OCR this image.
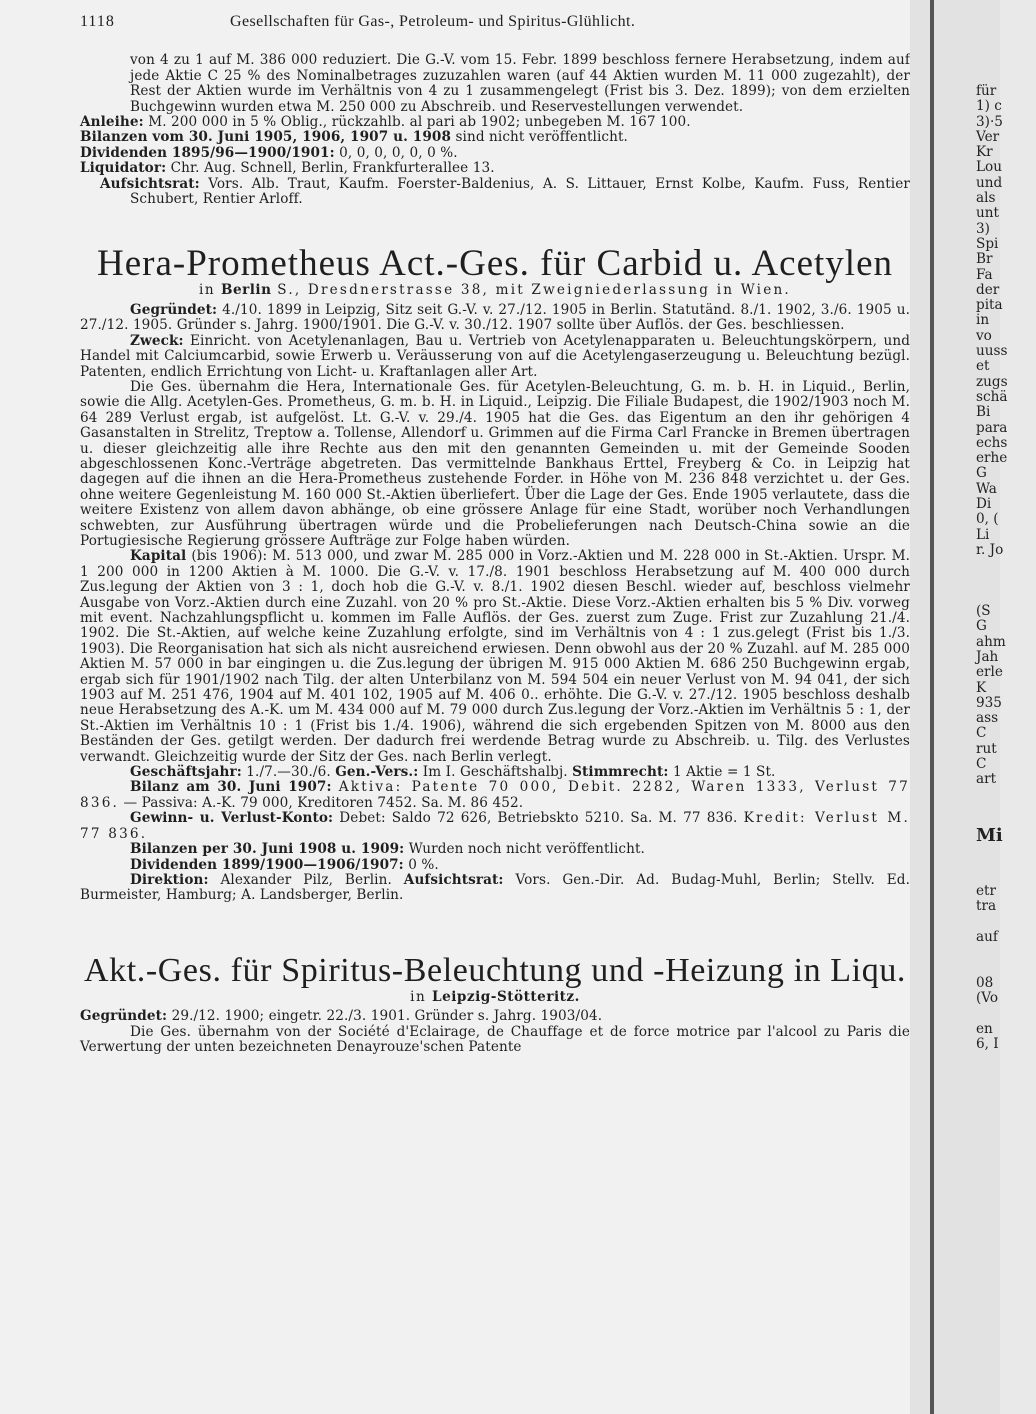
1118	Gesellschaften für Gas-, Petroleum- und Spiritus-Glühlicht.

von 4 zu 1 auf M. 386 000 reduziert. Die G.-V. vom 15. Febr. 1899 beschloss fernere Herabsetzung, indem auf jede Aktie C 25 % des Nominalbetrages zuzuzahlen waren (auf 44 Aktien wurden M. 11 000 zugezahlt), der Rest der Aktien wurde im Verhältnis von 4 zu 1 zusammengelegt (Frist bis 3. Dez. 1899); von dem erzielten Buchgewinn wurden etwa M. 250 000 zu Abschreib. und Reservestellungen verwendet.

Anleihe: M. 200 000 in 5 % Oblig., rückzahlb. al pari ab 1902; unbegeben M. 167 100.

Bilanzen vom 30. Juni 1905, 1906, 1907 u. 1908 sind nicht veröffentlicht.

Dividenden 1895/96—1900/1901: 0, 0, 0, 0, 0, 0 %.

Liquidator: Chr. Aug. Schnell, Berlin, Frankfurterallee 13.

Aufsichtsrat: Vors. Alb. Traut, Kaufm. Foerster-Baldenius, A. S. Littauer, Ernst Kolbe, Kaufm. Fuss, Rentier Schubert, Rentier Arloff.

Hera-Prometheus Act.-Ges. für Carbid u. Acetylen
in Berlin S., Dresdnerstrasse 38, mit Zweigniederlassung in Wien.

Gegründet: 4./10. 1899 in Leipzig, Sitz seit G.-V. v. 27./12. 1905 in Berlin. Statutänd. 8./1. 1902, 3./6. 1905 u. 27./12. 1905. Gründer s. Jahrg. 1900/1901. Die G.-V. v. 30./12. 1907 sollte über Auflös. der Ges. beschliessen.

Zweck: Einricht. von Acetylenanlagen, Bau u. Vertrieb von Acetylenapparaten u. Beleuchtungskörpern, und Handel mit Calciumcarbid, sowie Erwerb u. Veräusserung von auf die Acetylengaserzeugung u. Beleuchtung bezügl. Patenten, endlich Errichtung von Licht- u. Kraftanlagen aller Art.

Die Ges. übernahm die Hera, Internationale Ges. für Acetylen-Beleuchtung, G. m. b. H. in Liquid., Berlin, sowie die Allg. Acetylen-Ges. Prometheus, G. m. b. H. in Liquid., Leipzig. Die Filiale Budapest, die 1902/1903 noch M. 64 289 Verlust ergab, ist aufgelöst. Lt. G.-V. v. 29./4. 1905 hat die Ges. das Eigentum an den ihr gehörigen 4 Gasanstalten in Strelitz, Treptow a. Tollense, Allendorf u. Grimmen auf die Firma Carl Francke in Bremen übertragen u. dieser gleichzeitig alle ihre Rechte aus den mit den genannten Gemeinden u. mit der Gemeinde Sooden abgeschlossenen Konc.-Verträge abgetreten. Das vermittelnde Bankhaus Erttel, Freyberg & Co. in Leipzig hat dagegen auf die ihnen an die Hera-Prometheus zustehende Forder. in Höhe von M. 236 848 verzichtet u. der Ges. ohne weitere Gegenleistung M. 160 000 St.-Aktien überliefert. Über die Lage der Ges. Ende 1905 verlautete, dass die weitere Existenz von allem davon abhänge, ob eine grössere Anlage für eine Stadt, worüber noch Verhandlungen schwebten, zur Ausführung übertragen würde und die Probelieferungen nach Deutsch-China sowie an die Portugiesische Regierung grössere Aufträge zur Folge haben würden.

Kapital (bis 1906): M. 513 000, und zwar M. 285 000 in Vorz.-Aktien und M. 228 000 in St.-Aktien. Urspr. M. 1 200 000 in 1200 Aktien à M. 1000. Die G.-V. v. 17./8. 1901 beschloss Herabsetzung auf M. 400 000 durch Zus.legung der Aktien von 3 : 1, doch hob die G.-V. v. 8./1. 1902 diesen Beschl. wieder auf, beschloss vielmehr Ausgabe von Vorz.-Aktien durch eine Zuzahl. von 20 % pro St.-Aktie. Diese Vorz.-Aktien erhalten bis 5 % Div. vorweg mit event. Nachzahlungspflicht u. kommen im Falle Auflös. der Ges. zuerst zum Zuge. Frist zur Zuzahlung 21./4. 1902. Die St.-Aktien, auf welche keine Zuzahlung erfolgte, sind im Verhältnis von 4 : 1 zus.gelegt (Frist bis 1./3. 1903). Die Reorganisation hat sich als nicht ausreichend erwiesen. Denn obwohl aus der 20 % Zuzahl. auf M. 285 000 Aktien M. 57 000 in bar eingingen u. die Zus.legung der übrigen M. 915 000 Aktien M. 686 250 Buchgewinn ergab, ergab sich für 1901/1902 nach Tilg. der alten Unterbilanz von M. 594 504 ein neuer Verlust von M. 94 041, der sich 1903 auf M. 251 476, 1904 auf M. 401 102, 1905 auf M. 406 0.. erhöhte. Die G.-V. v. 27./12. 1905 beschloss deshalb neue Herabsetzung des A.-K. um M. 434 000 auf M. 79 000 durch Zus.legung der Vorz.-Aktien im Verhältnis 5 : 1, der St.-Aktien im Verhältnis 10 : 1 (Frist bis 1./4. 1906), während die sich ergebenden Spitzen von M. 8000 aus den Beständen der Ges. getilgt werden. Der dadurch frei werdende Betrag wurde zu Abschreib. u. Tilg. des Verlustes verwandt. Gleichzeitig wurde der Sitz der Ges. nach Berlin verlegt.

Geschäftsjahr: 1./7.—30./6. Gen.-Vers.: Im I. Geschäftshalbj. Stimmrecht: 1 Aktie = 1 St.

Bilanz am 30. Juni 1907: Aktiva: Patente 70 000, Debit. 2282, Waren 1333, Verlust 77 836. — Passiva: A.-K. 79 000, Kreditoren 7452. Sa. M. 86 452.

Gewinn- u. Verlust-Konto: Debet: Saldo 72 626, Betriebskto 5210. Sa. M. 77 836. Kredit: Verlust M. 77 836.

Bilanzen per 30. Juni 1908 u. 1909: Wurden noch nicht veröffentlicht.

Dividenden 1899/1900—1906/1907: 0 %.

Direktion: Alexander Pilz, Berlin. Aufsichtsrat: Vors. Gen.-Dir. Ad. Budag-Muhl, Berlin; Stellv. Ed. Burmeister, Hamburg; A. Landsberger, Berlin.

Akt.-Ges. für Spiritus-Beleuchtung und -Heizung in Liqu.
in Leipzig-Stötteritz.

Gegründet: 29./12. 1900; eingetr. 22./3. 1901. Gründer s. Jahrg. 1903/04.

Die Ges. übernahm von der Société d'Eclairage, de Chauffage et de force motrice par l'alcool zu Paris die Verwertung der unten bezeichneten Denayrouze'schen Patente

für
1) c
3)·5
Ver
Kr
Lou
und
als
unt
3)
Spi
Br
Fa
der
pita
in
vo
uuss
et
zugs
schä
Bi
para
echs
erhe
G
Wa
Di
0, (
Li
r. Jo
(S
G
ahm
Jah
erle
K
935
ass
C
rut
C
art
Mi
etr
tra
auf
08
(Vo
en
6, I
